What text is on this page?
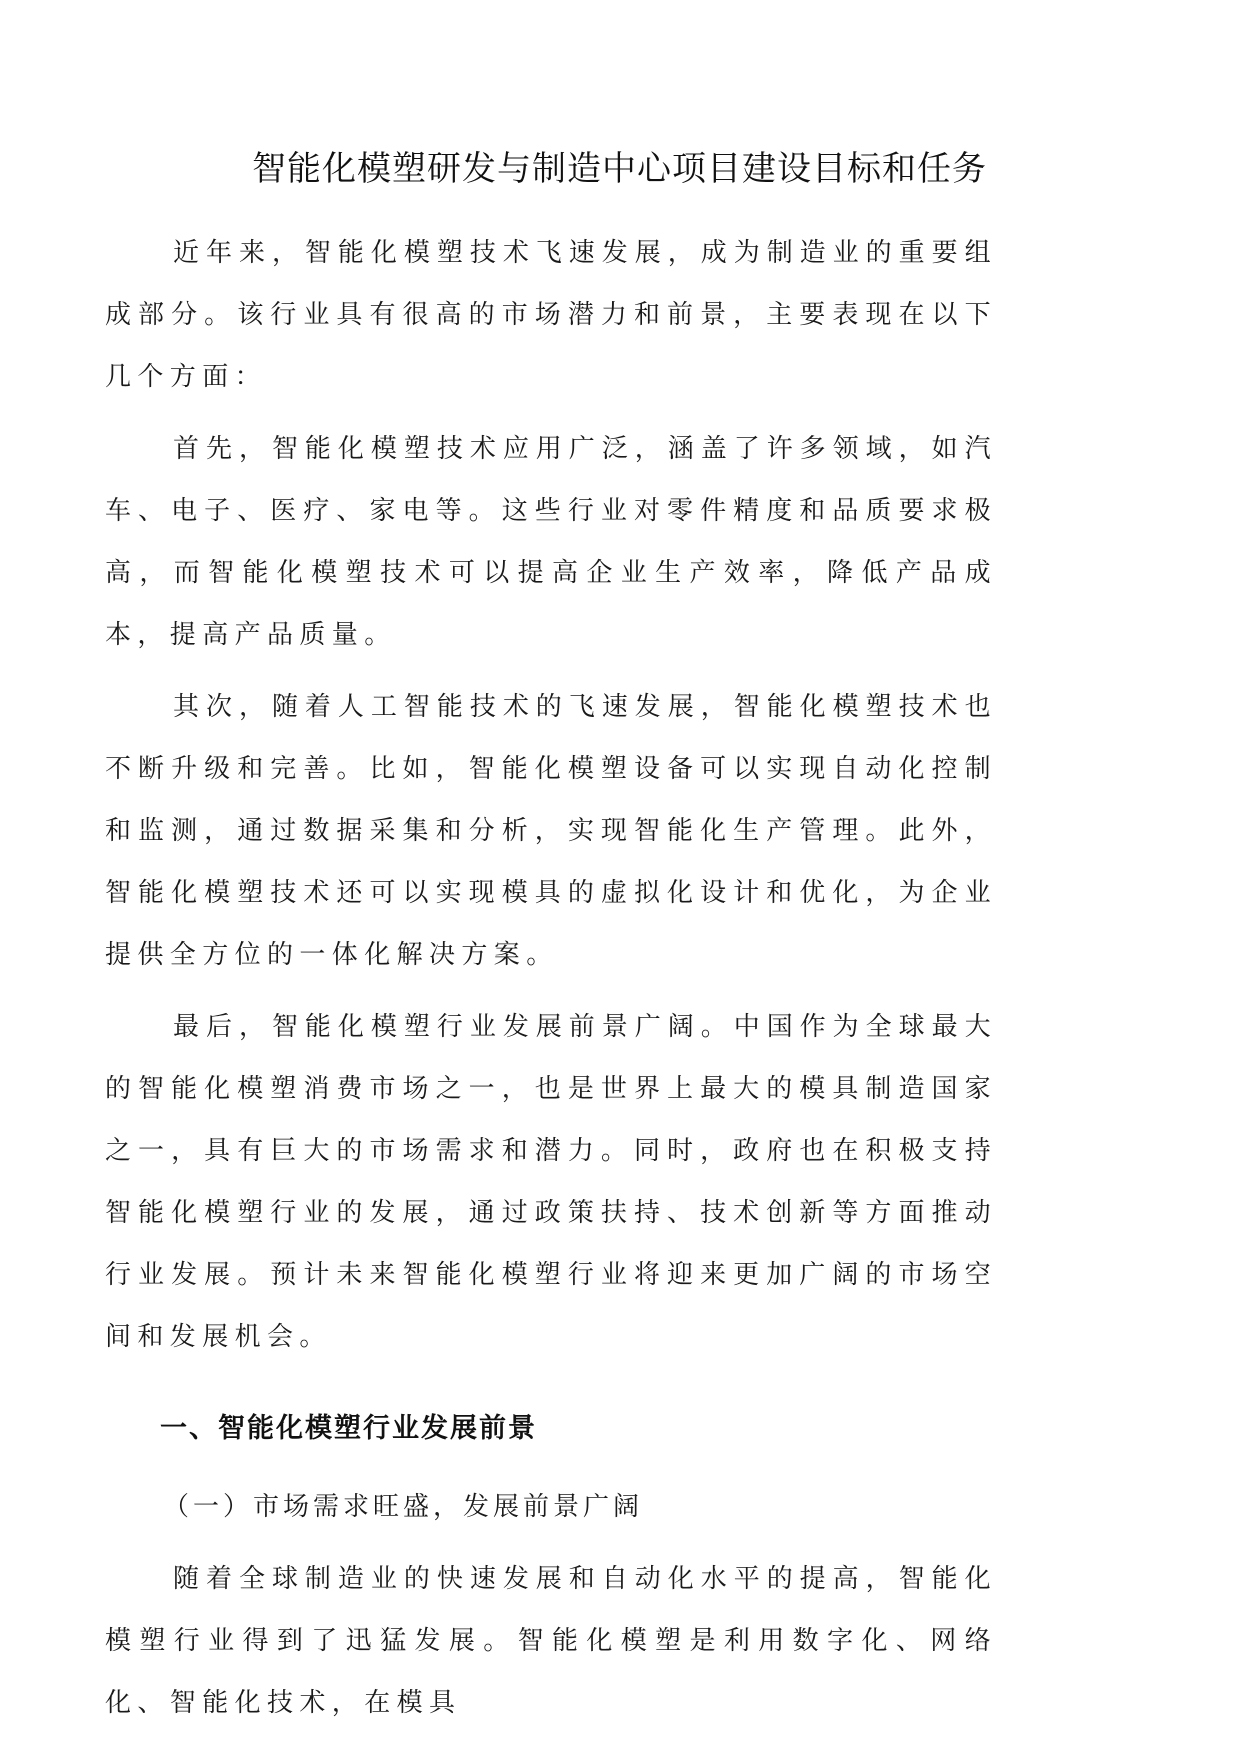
智能化模塑研发与制造中心项目建设目标和任务

近年来，智能化模塑技术飞速发展，成为制造业的重要组成部分。该行业具有很高的市场潜力和前景，主要表现在以下几个方面：

首先，智能化模塑技术应用广泛，涵盖了许多领域，如汽车、电子、医疗、家电等。这些行业对零件精度和品质要求极高，而智能化模塑技术可以提高企业生产效率，降低产品成本，提高产品质量。

其次，随着人工智能技术的飞速发展，智能化模塑技术也不断升级和完善。比如，智能化模塑设备可以实现自动化控制和监测，通过数据采集和分析，实现智能化生产管理。此外，智能化模塑技术还可以实现模具的虚拟化设计和优化，为企业提供全方位的一体化解决方案。

最后，智能化模塑行业发展前景广阔。中国作为全球最大的智能化模塑消费市场之一，也是世界上最大的模具制造国家之一，具有巨大的市场需求和潜力。同时，政府也在积极支持智能化模塑行业的发展，通过政策扶持、技术创新等方面推动行业发展。预计未来智能化模塑行业将迎来更加广阔的市场空间和发展机会。

一、智能化模塑行业发展前景
（一）市场需求旺盛，发展前景广阔

随着全球制造业的快速发展和自动化水平的提高，智能化模塑行业得到了迅猛发展。智能化模塑是利用数字化、网络化、智能化技术，在模具
